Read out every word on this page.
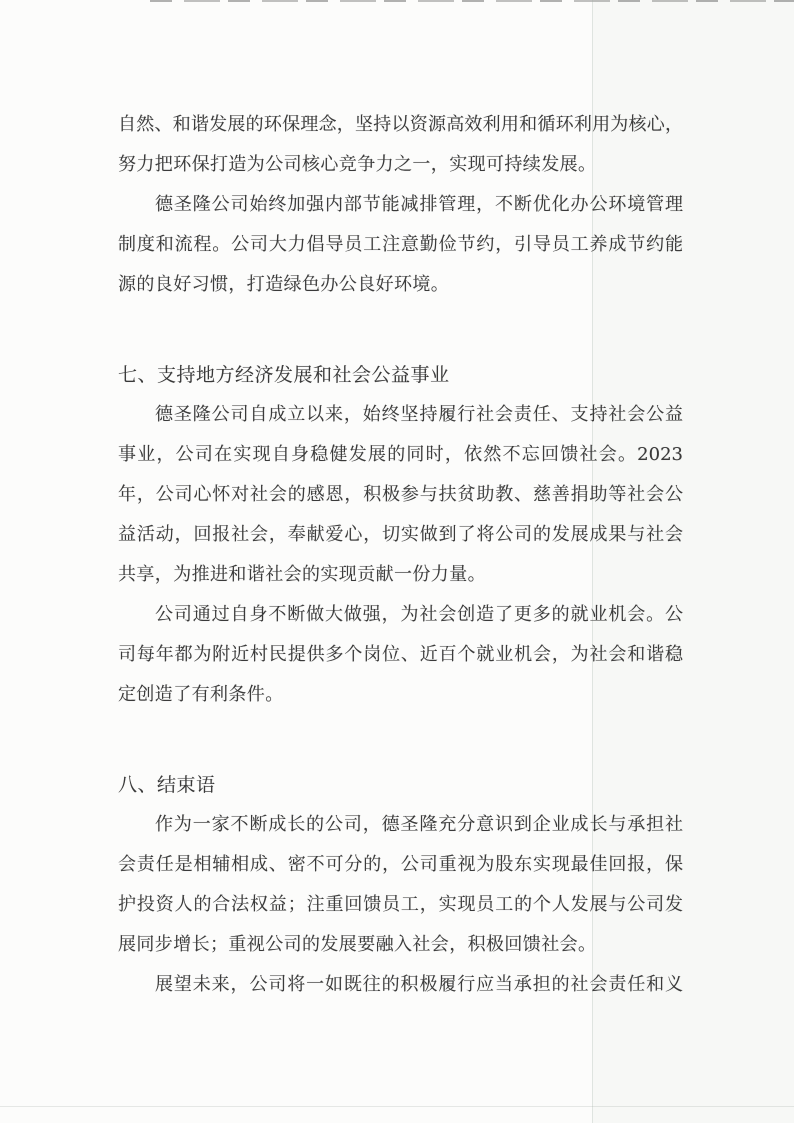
自然、和谐发展的环保理念，坚持以资源高效利用和循环利用为核心，
努力把环保打造为公司核心竞争力之一，实现可持续发展。
德圣隆公司始终加强内部节能减排管理，不断优化办公环境管理
制度和流程。公司大力倡导员工注意勤俭节约，引导员工养成节约能
源的良好习惯，打造绿色办公良好环境。
七、支持地方经济发展和社会公益事业
德圣隆公司自成立以来，始终坚持履行社会责任、支持社会公益
事业，公司在实现自身稳健发展的同时，依然不忘回馈社会。2023
年，公司心怀对社会的感恩，积极参与扶贫助教、慈善捐助等社会公
益活动，回报社会，奉献爱心，切实做到了将公司的发展成果与社会
共享，为推进和谐社会的实现贡献一份力量。
公司通过自身不断做大做强，为社会创造了更多的就业机会。公
司每年都为附近村民提供多个岗位、近百个就业机会，为社会和谐稳
定创造了有利条件。
八、结束语
作为一家不断成长的公司，德圣隆充分意识到企业成长与承担社
会责任是相辅相成、密不可分的，公司重视为股东实现最佳回报，保
护投资人的合法权益；注重回馈员工，实现员工的个人发展与公司发
展同步增长；重视公司的发展要融入社会，积极回馈社会。
展望未来，公司将一如既往的积极履行应当承担的社会责任和义
